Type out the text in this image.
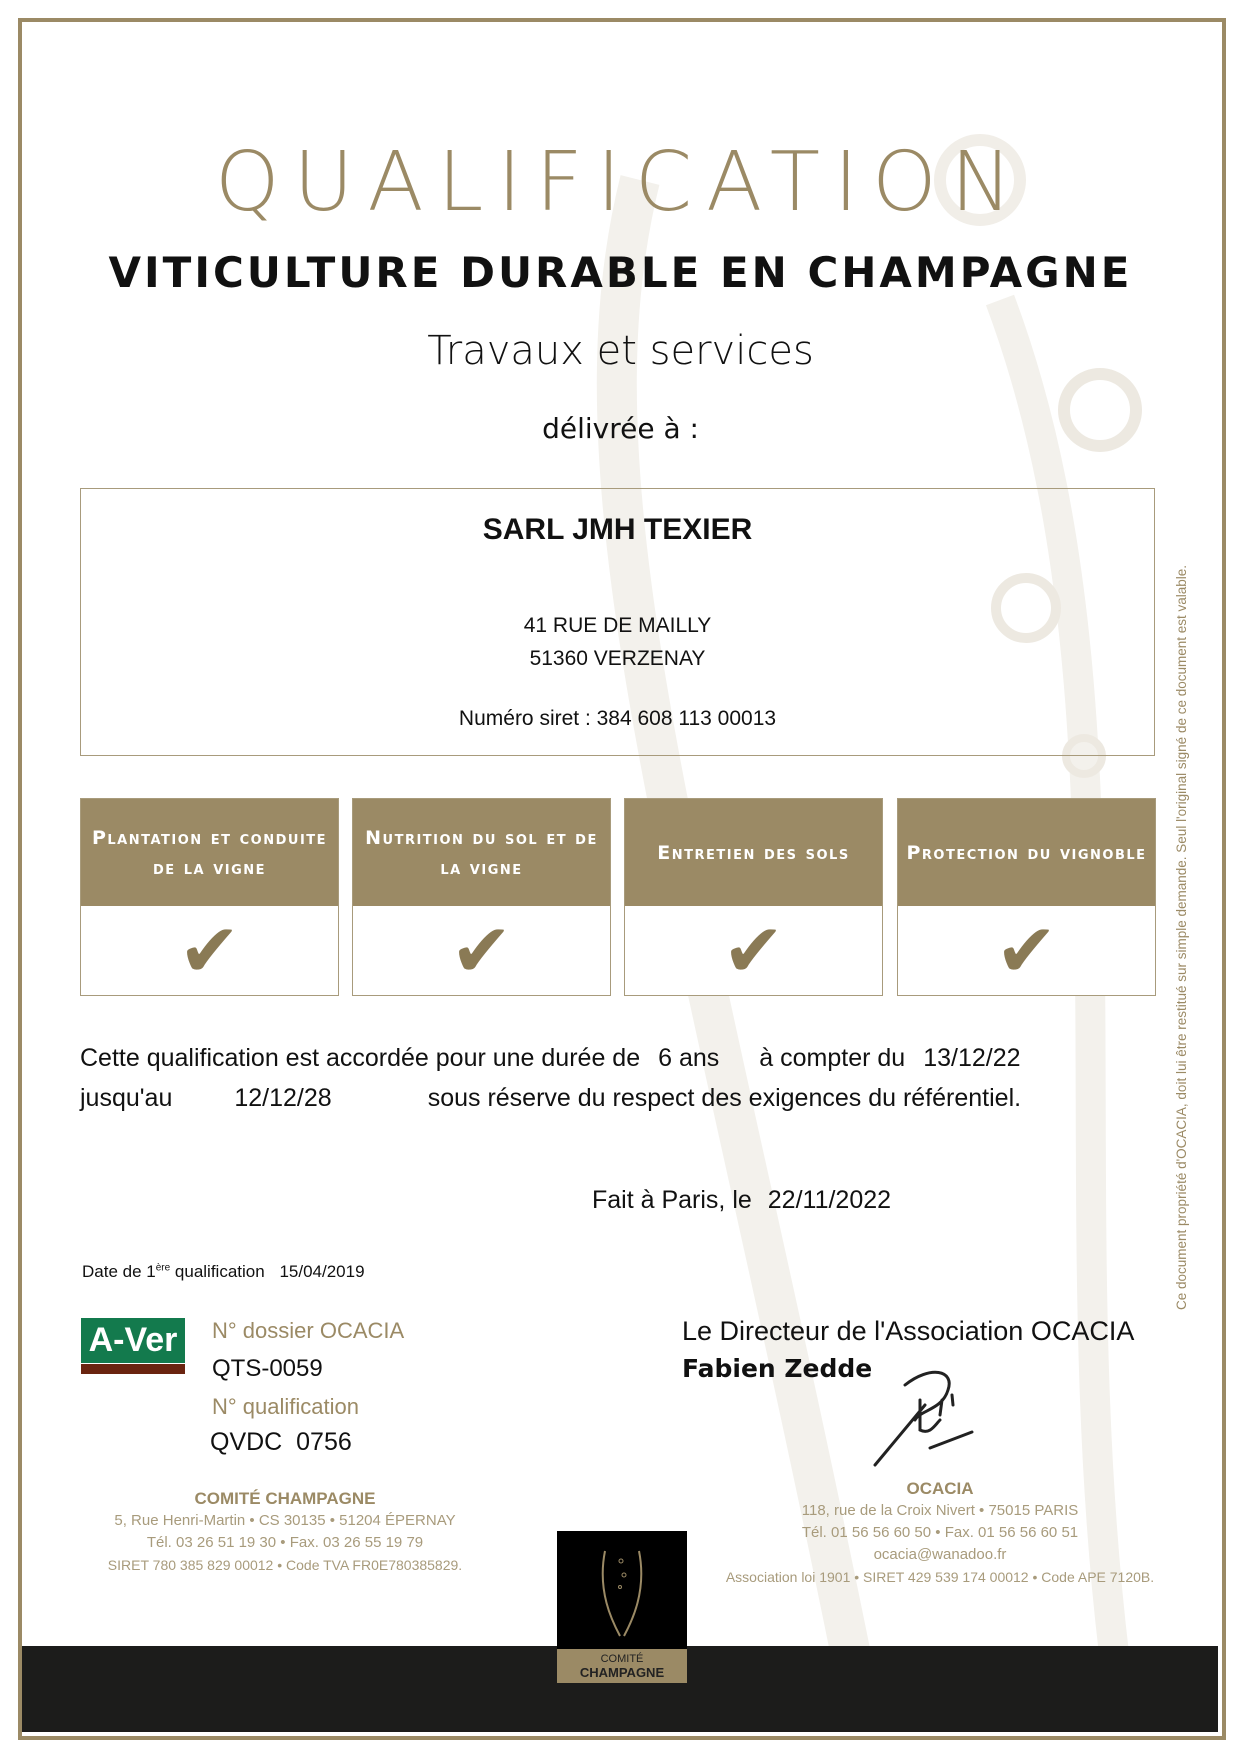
QUALIFICATION
VITICULTURE DURABLE EN CHAMPAGNE
Travaux et services
délivrée à :
SARL JMH TEXIER
41 RUE DE MAILLY
51360 VERZENAY
Numéro siret : 384 608 113 00013
Plantation et conduite de la vigne
✔
Nutrition du sol et de la vigne
✔
Entretien des sols
✔
Protection du vignoble
✔
Cette qualification est accordée pour une durée de 6 ans à compter du 13/12/22
jusqu'au 12/12/28	sous réserve du respect des exigences du référentiel.
Fait à Paris, le 22/11/2022
Date de 1ère qualification 15/04/2019
A-Ver	N° dossier OCACIA
QTS-0059
N° qualification
QVDC 0756
Le Directeur de l'Association OCACIA
Fabien Zedde
COMITÉ CHAMPAGNE
5, Rue Henri-Martin • CS 30135 • 51204 ÉPERNAY
Tél. 03 26 51 19 30 • Fax. 03 26 55 19 79
SIRET 780 385 829 00012 • Code TVA FR0E780385829.
OCACIA
118, rue de la Croix Nivert • 75015 PARIS
Tél. 01 56 56 60 50 • Fax. 01 56 56 60 51
ocacia@wanadoo.fr
Association loi 1901 • SIRET 429 539 174 00012 • Code APE 7120B.
COMITÉ
CHAMPAGNE
Ce document propriété d'OCACIA, doit lui être restitué sur simple demande. Seul l'original signé de ce document est valable.
